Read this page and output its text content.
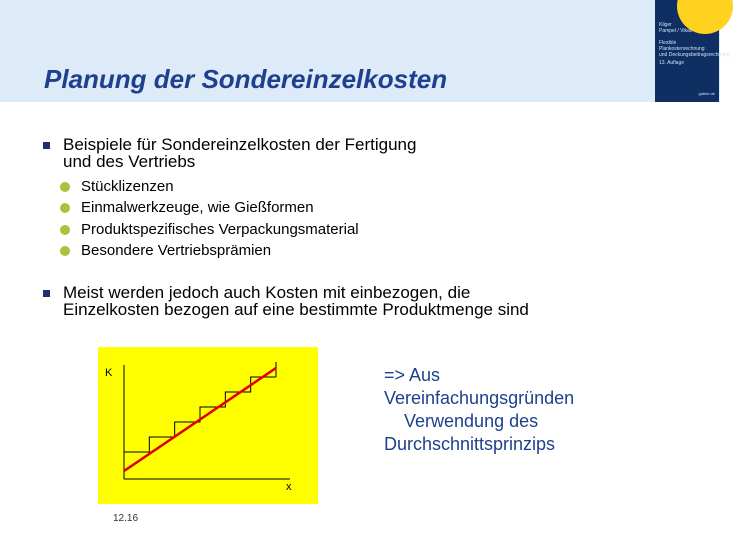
Planung der Sondereinzelkosten
Kilger
Pampel / Vikas
Flexible
Plankostenrechnung
und Deckungsbeitragsrechnung
13. Auflage
gabler.de
Beispiele für Sondereinzelkosten der Fertigung
und des Vertriebs
Stücklizenzen
Einmalwerkzeuge, wie Gießformen
Produktspezifisches Verpackungsmaterial
Besondere Vertriebsprämien
Meist werden jedoch auch Kosten mit einbezogen, die
Einzelkosten bezogen auf eine bestimmte Produktmenge sind
K
x
=> Aus
Vereinfachungsgründen
Verwendung des
Durchschnittsprinzips
12.16
